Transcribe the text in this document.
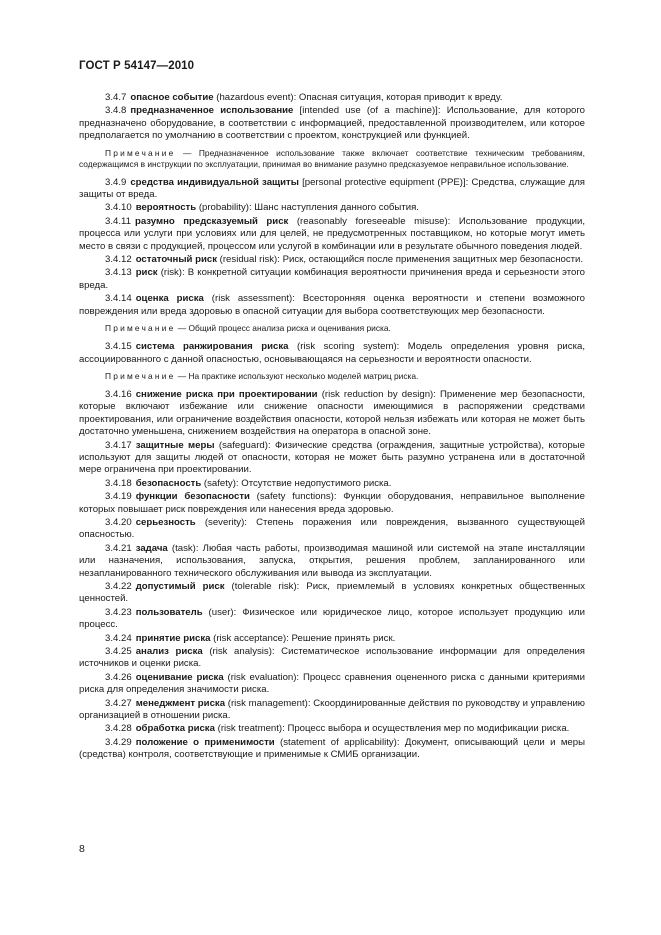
ГОСТ Р 54147—2010

3.4.7 опасное событие (hazardous event): Опасная ситуация, которая приводит к вреду.

3.4.8 предназначенное использование [intended use (of a machine)]: Использование, для которого предназначено оборудование, в соответствии с информацией, предоставленной производителем, или которое предполагается по умолчанию в соответствии с проектом, конструкцией или функцией.

Примечание — Предназначенное использование также включает соответствие техническим требованиям, содержащимся в инструкции по эксплуатации, принимая во внимание разумно предсказуемое неправильное использование.

3.4.9 средства индивидуальной защиты [personal protective equipment (PPE)]: Средства, служащие для защиты от вреда.

3.4.10 вероятность (probability): Шанс наступления данного события.

3.4.11 разумно предсказуемый риск (reasonably foreseeable misuse): Использование продукции, процесса или услуги при условиях или для целей, не предусмотренных поставщиком, но которые могут иметь место в связи с продукцией, процессом или услугой в комбинации или в результате обычного поведения людей.

3.4.12 остаточный риск (residual risk): Риск, остающийся после применения защитных мер безопасности.

3.4.13 риск (risk): В конкретной ситуации комбинация вероятности причинения вреда и серьезности этого вреда.

3.4.14 оценка риска (risk assessment): Всесторонняя оценка вероятности и степени возможного повреждения или вреда здоровью в опасной ситуации для выбора соответствующих мер безопасности.

Примечание — Общий процесс анализа риска и оценивания риска.

3.4.15 система ранжирования риска (risk scoring system): Модель определения уровня риска, ассоциированного с данной опасностью, основывающаяся на серьезности и вероятности опасности.

Примечание — На практике используют несколько моделей матриц риска.

3.4.16 снижение риска при проектировании (risk reduction by design): Применение мер безопасности, которые включают избежание или снижение опасности имеющимися в распоряжении средствами проектирования, или ограничение воздействия опасности, которой нельзя избежать или которая не может быть достаточно уменьшена, снижением воздействия на оператора в опасной зоне.

3.4.17 защитные меры (safeguard): Физические средства (ограждения, защитные устройства), которые используют для защиты людей от опасности, которая не может быть разумно устранена или в достаточной мере ограничена при проектировании.

3.4.18 безопасность (safety): Отсутствие недопустимого риска.

3.4.19 функции безопасности (safety functions): Функции оборудования, неправильное выполнение которых повышает риск повреждения или нанесения вреда здоровью.

3.4.20 серьезность (severity): Степень поражения или повреждения, вызванного существующей опасностью.

3.4.21 задача (task): Любая часть работы, производимая машиной или системой на этапе инсталляции или назначения, использования, запуска, открытия, решения проблем, запланированного или незапланированного технического обслуживания или вывода из эксплуатации.

3.4.22 допустимый риск (tolerable risk): Риск, приемлемый в условиях конкретных общественных ценностей.

3.4.23 пользователь (user): Физическое или юридическое лицо, которое использует продукцию или процесс.

3.4.24 принятие риска (risk acceptance): Решение принять риск.

3.4.25 анализ риска (risk analysis): Систематическое использование информации для определения источников и оценки риска.

3.4.26 оценивание риска (risk evaluation): Процесс сравнения оцененного риска с данными критериями риска для определения значимости риска.

3.4.27 менеджмент риска (risk management): Скоординированные действия по руководству и управлению организацией в отношении риска.

3.4.28 обработка риска (risk treatment): Процесс выбора и осуществления мер по модификации риска.

3.4.29 положение о применимости (statement of applicability): Документ, описывающий цели и меры (средства) контроля, соответствующие и применимые к СМИБ организации.

8
